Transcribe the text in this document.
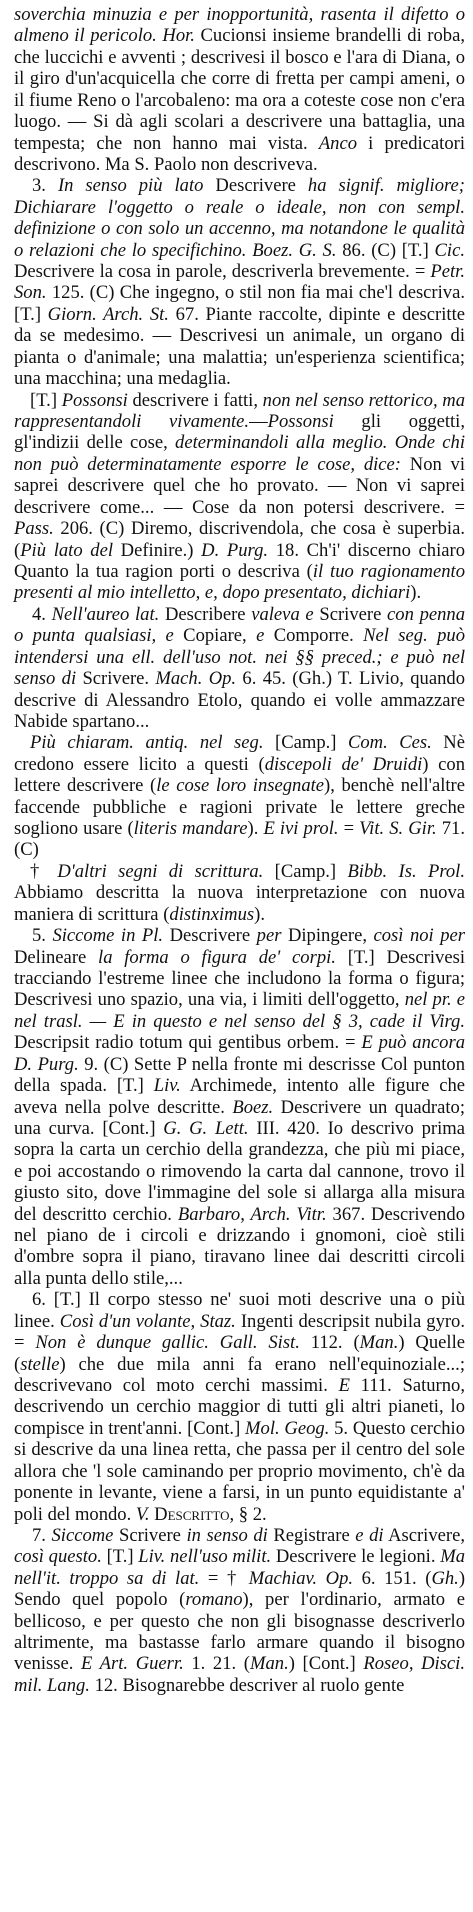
soverchia minuzia e per inopportunità, rasenta il difetto o almeno il pericolo. Hor. Cucionsi insieme brandelli di roba, che luccichi e avventi ; descrivesi il bosco e l'ara di Diana, o il giro d'un'acquicella che corre di fretta per campi ameni, o il fiume Reno o l'arcobaleno: ma ora a coteste cose non c'era luogo. — Si dà agli scolari a descrivere una battaglia, una tempesta; che non hanno mai vista. Anco i predicatori descrivono. Ma S. Paolo non descriveva.

3. In senso più lato Descrivere ha signif. migliore; Dichiarare l'oggetto o reale o ideale, non con sempl. definizione o con solo un accenno, ma notandone le qualità o relazioni che lo specifichino. Boez. G. S. 86. (C) [T.] Cic. Descrivere la cosa in parole, descriverla brevemente. = Petr. Son. 125. (C) Che ingegno, o stil non fia mai che'l descriva. [T.] Giorn. Arch. St. 67. Piante raccolte, dipinte e descritte da se medesimo. — Descrivesi un animale, un organo di pianta o d'animale; una malattia; un'esperienza scientifica; una macchina; una medaglia.

[T.] Possonsi descrivere i fatti, non nel senso rettorico, ma rappresentandoli vivamente.—Possonsi gli oggetti, gl'indizii delle cose, determinandoli alla meglio. Onde chi non può determinatamente esporre le cose, dice: Non vi saprei descrivere quel che ho provato. — Non vi saprei descrivere come... — Cose da non potersi descrivere. = Pass. 206. (C) Diremo, discrivendola, che cosa è superbia. (Più lato del Definire.) D. Purg. 18. Ch'i' discerno chiaro Quanto la tua ragion porti o descriva (il tuo ragionamento presenti al mio intelletto, e, dopo presentato, dichiari).

4. Nell'aureo lat. Describere valeva e Scrivere con penna o punta qualsiasi, e Copiare, e Comporre. Nel seg. può intendersi una ell. dell'uso not. nei §§ preced.; e può nel senso di Scrivere. Mach. Op. 6. 45. (Gh.) T. Livio, quando descrive di Alessandro Etolo, quando ei volle ammazzare Nabide spartano...

Più chiaram. antiq. nel seg. [Camp.] Com. Ces. Nè credono essere licito a questi (discepoli de' Druidi) con lettere descrivere (le cose loro insegnate), benchè nell'altre faccende pubbliche e ragioni private le lettere greche sogliono usare (literis mandare). E ivi prol. = Vit. S. Gir. 71. (C)

† D'altri segni di scrittura. [Camp.] Bibb. Is. Prol. Abbiamo descritta la nuova interpretazione con nuova maniera di scrittura (distinximus).

5. Siccome in Pl. Descrivere per Dipingere, così noi per Delineare la forma o figura de' corpi. [T.] Descrivesi tracciando l'estreme linee che includono la forma o figura; Descrivesi uno spazio, una via, i limiti dell'oggetto, nel pr. e nel trasl. — E in questo e nel senso del § 3, cade il Virg. Descripsit radio totum qui gentibus orbem. = E può ancora D. Purg. 9. (C) Sette P nella fronte mi descrisse Col punton della spada. [T.] Liv. Archimede, intento alle figure che aveva nella polve descritte. Boez. Descrivere un quadrato; una curva. [Cont.] G. G. Lett. III. 420. Io descrivo prima sopra la carta un cerchio della grandezza, che più mi piace, e poi accostando o rimovendo la carta dal cannone, trovo il giusto sito, dove l'immagine del sole si allarga alla misura del descritto cerchio. Barbaro, Arch. Vitr. 367. Descrivendo nel piano de i circoli e drizzando i gnomoni, cioè stili d'ombre sopra il piano, tiravano linee dai descritti circoli alla punta dello stile,...

6. [T.] Il corpo stesso ne' suoi moti descrive una o più linee. Così d'un volante, Staz. Ingenti descripsit nubila gyro. = Non è dunque gallic. Gall. Sist. 112. (Man.) Quelle (stelle) che due mila anni fa erano nell'equinoziale...; descrivevano col moto cerchi massimi. E 111. Saturno, descrivendo un cerchio maggior di tutti gli altri pianeti, lo compisce in trent'anni. [Cont.] Mol. Geog. 5. Questo cerchio si descrive da una linea retta, che passa per il centro del sole allora che 'l sole caminando per proprio movimento, ch'è da ponente in levante, viene a farsi, in un punto equidistante a' poli del mondo. V. Descritto, § 2.

7. Siccome Scrivere in senso di Registrare e di Ascrivere, così questo. [T.] Liv. nell'uso milit. Descrivere le legioni. Ma nell'it. troppo sa di lat. = † Machiav. Op. 6. 151. (Gh.) Sendo quel popolo (romano), per l'ordinario, armato e bellicoso, e per questo che non gli bisognasse descriverlo altrimente, ma bastasse farlo armare quando il bisogno venisse. E Art. Guerr. 1. 21. (Man.) [Cont.] Roseo, Disci. mil. Lang. 12. Bisognarebbe descriver al ruolo gente
